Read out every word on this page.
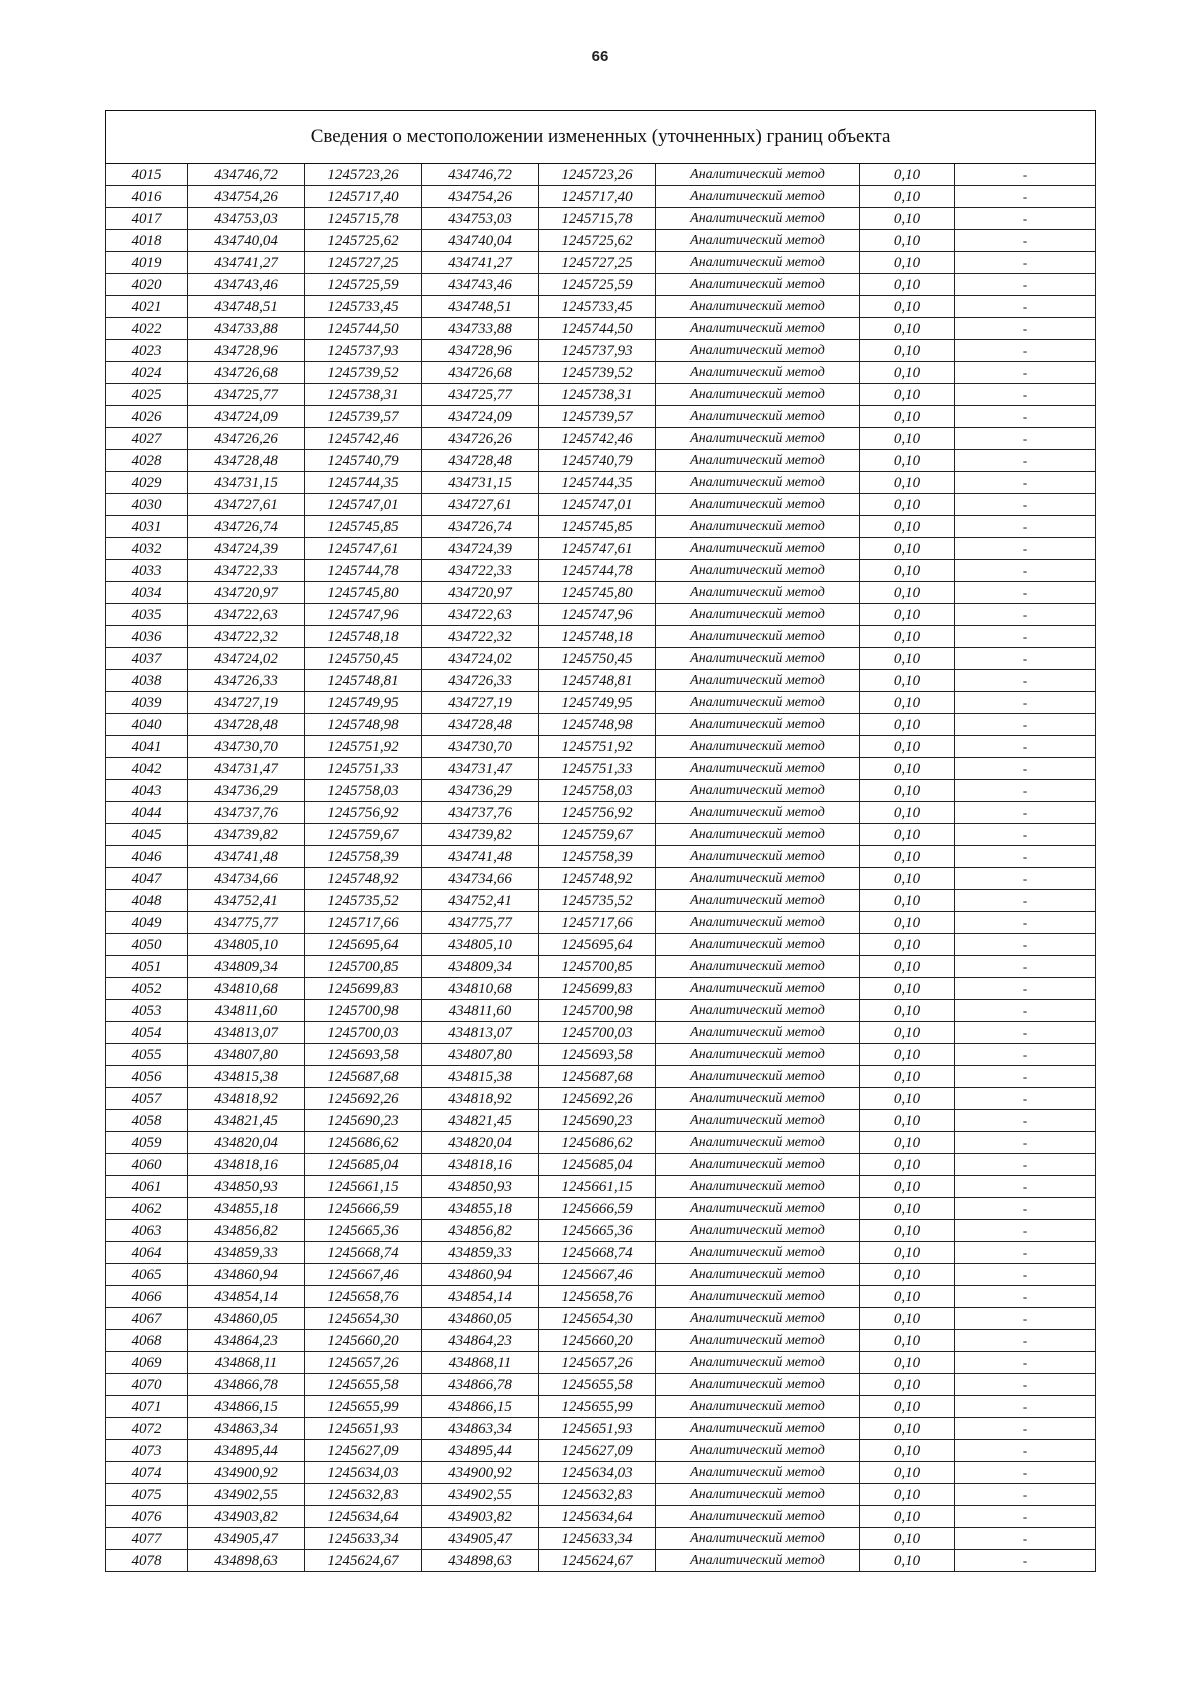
66
Сведения о местоположении измененных (уточненных) границ объекта							
4015	434746,72	1245723,26	434746,72	1245723,26	Аналитический метод	0,10	-
4016	434754,26	1245717,40	434754,26	1245717,40	Аналитический метод	0,10	-
4017	434753,03	1245715,78	434753,03	1245715,78	Аналитический метод	0,10	-
4018	434740,04	1245725,62	434740,04	1245725,62	Аналитический метод	0,10	-
4019	434741,27	1245727,25	434741,27	1245727,25	Аналитический метод	0,10	-
4020	434743,46	1245725,59	434743,46	1245725,59	Аналитический метод	0,10	-
4021	434748,51	1245733,45	434748,51	1245733,45	Аналитический метод	0,10	-
4022	434733,88	1245744,50	434733,88	1245744,50	Аналитический метод	0,10	-
4023	434728,96	1245737,93	434728,96	1245737,93	Аналитический метод	0,10	-
4024	434726,68	1245739,52	434726,68	1245739,52	Аналитический метод	0,10	-
4025	434725,77	1245738,31	434725,77	1245738,31	Аналитический метод	0,10	-
4026	434724,09	1245739,57	434724,09	1245739,57	Аналитический метод	0,10	-
4027	434726,26	1245742,46	434726,26	1245742,46	Аналитический метод	0,10	-
4028	434728,48	1245740,79	434728,48	1245740,79	Аналитический метод	0,10	-
4029	434731,15	1245744,35	434731,15	1245744,35	Аналитический метод	0,10	-
4030	434727,61	1245747,01	434727,61	1245747,01	Аналитический метод	0,10	-
4031	434726,74	1245745,85	434726,74	1245745,85	Аналитический метод	0,10	-
4032	434724,39	1245747,61	434724,39	1245747,61	Аналитический метод	0,10	-
4033	434722,33	1245744,78	434722,33	1245744,78	Аналитический метод	0,10	-
4034	434720,97	1245745,80	434720,97	1245745,80	Аналитический метод	0,10	-
4035	434722,63	1245747,96	434722,63	1245747,96	Аналитический метод	0,10	-
4036	434722,32	1245748,18	434722,32	1245748,18	Аналитический метод	0,10	-
4037	434724,02	1245750,45	434724,02	1245750,45	Аналитический метод	0,10	-
4038	434726,33	1245748,81	434726,33	1245748,81	Аналитический метод	0,10	-
4039	434727,19	1245749,95	434727,19	1245749,95	Аналитический метод	0,10	-
4040	434728,48	1245748,98	434728,48	1245748,98	Аналитический метод	0,10	-
4041	434730,70	1245751,92	434730,70	1245751,92	Аналитический метод	0,10	-
4042	434731,47	1245751,33	434731,47	1245751,33	Аналитический метод	0,10	-
4043	434736,29	1245758,03	434736,29	1245758,03	Аналитический метод	0,10	-
4044	434737,76	1245756,92	434737,76	1245756,92	Аналитический метод	0,10	-
4045	434739,82	1245759,67	434739,82	1245759,67	Аналитический метод	0,10	-
4046	434741,48	1245758,39	434741,48	1245758,39	Аналитический метод	0,10	-
4047	434734,66	1245748,92	434734,66	1245748,92	Аналитический метод	0,10	-
4048	434752,41	1245735,52	434752,41	1245735,52	Аналитический метод	0,10	-
4049	434775,77	1245717,66	434775,77	1245717,66	Аналитический метод	0,10	-
4050	434805,10	1245695,64	434805,10	1245695,64	Аналитический метод	0,10	-
4051	434809,34	1245700,85	434809,34	1245700,85	Аналитический метод	0,10	-
4052	434810,68	1245699,83	434810,68	1245699,83	Аналитический метод	0,10	-
4053	434811,60	1245700,98	434811,60	1245700,98	Аналитический метод	0,10	-
4054	434813,07	1245700,03	434813,07	1245700,03	Аналитический метод	0,10	-
4055	434807,80	1245693,58	434807,80	1245693,58	Аналитический метод	0,10	-
4056	434815,38	1245687,68	434815,38	1245687,68	Аналитический метод	0,10	-
4057	434818,92	1245692,26	434818,92	1245692,26	Аналитический метод	0,10	-
4058	434821,45	1245690,23	434821,45	1245690,23	Аналитический метод	0,10	-
4059	434820,04	1245686,62	434820,04	1245686,62	Аналитический метод	0,10	-
4060	434818,16	1245685,04	434818,16	1245685,04	Аналитический метод	0,10	-
4061	434850,93	1245661,15	434850,93	1245661,15	Аналитический метод	0,10	-
4062	434855,18	1245666,59	434855,18	1245666,59	Аналитический метод	0,10	-
4063	434856,82	1245665,36	434856,82	1245665,36	Аналитический метод	0,10	-
4064	434859,33	1245668,74	434859,33	1245668,74	Аналитический метод	0,10	-
4065	434860,94	1245667,46	434860,94	1245667,46	Аналитический метод	0,10	-
4066	434854,14	1245658,76	434854,14	1245658,76	Аналитический метод	0,10	-
4067	434860,05	1245654,30	434860,05	1245654,30	Аналитический метод	0,10	-
4068	434864,23	1245660,20	434864,23	1245660,20	Аналитический метод	0,10	-
4069	434868,11	1245657,26	434868,11	1245657,26	Аналитический метод	0,10	-
4070	434866,78	1245655,58	434866,78	1245655,58	Аналитический метод	0,10	-
4071	434866,15	1245655,99	434866,15	1245655,99	Аналитический метод	0,10	-
4072	434863,34	1245651,93	434863,34	1245651,93	Аналитический метод	0,10	-
4073	434895,44	1245627,09	434895,44	1245627,09	Аналитический метод	0,10	-
4074	434900,92	1245634,03	434900,92	1245634,03	Аналитический метод	0,10	-
4075	434902,55	1245632,83	434902,55	1245632,83	Аналитический метод	0,10	-
4076	434903,82	1245634,64	434903,82	1245634,64	Аналитический метод	0,10	-
4077	434905,47	1245633,34	434905,47	1245633,34	Аналитический метод	0,10	-
4078	434898,63	1245624,67	434898,63	1245624,67	Аналитический метод	0,10	-
